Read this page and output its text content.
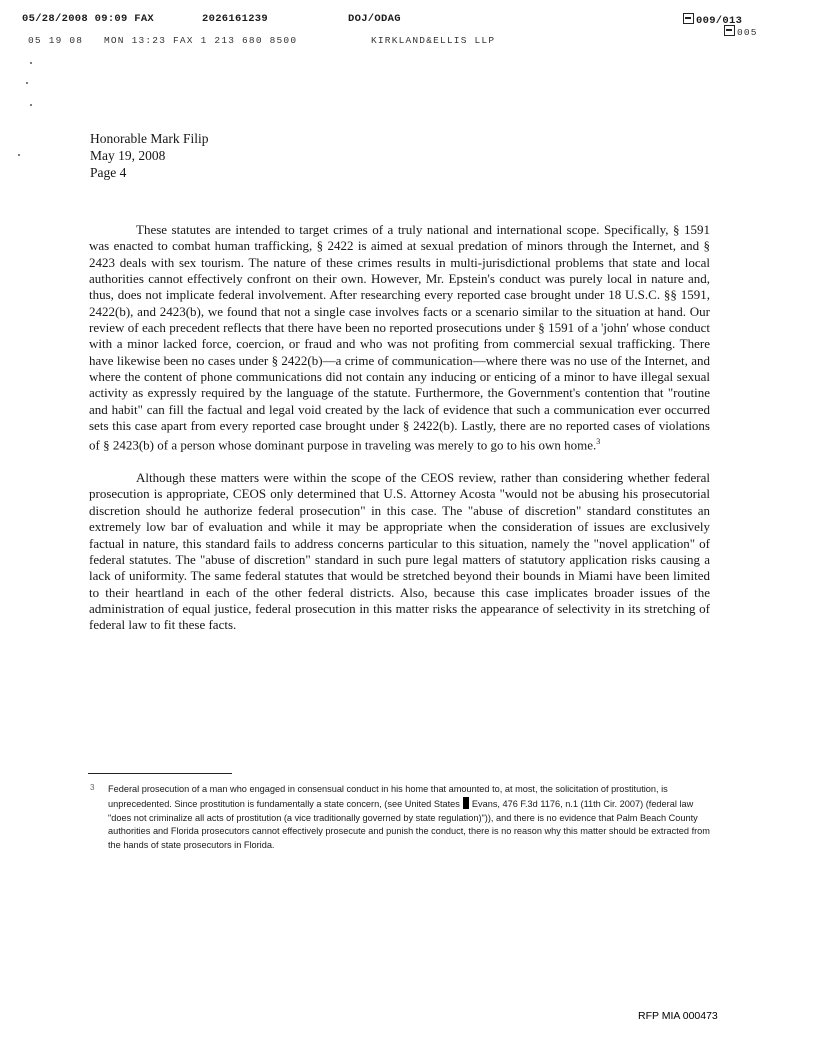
05/28/2008 09:09 FAX	2026161239	DOJ/ODAG	009/013
05 19 08 MON 13:23 FAX 1 213 680 8500	KIRKLAND&ELLIS LLP
005
Honorable Mark Filip
May 19, 2008
Page 4

These statutes are intended to target crimes of a truly national and international scope. Specifically, § 1591 was enacted to combat human trafficking, § 2422 is aimed at sexual predation of minors through the Internet, and § 2423 deals with sex tourism. The nature of these crimes results in multi-jurisdictional problems that state and local authorities cannot effectively confront on their own. However, Mr. Epstein's conduct was purely local in nature and, thus, does not implicate federal involvement. After researching every reported case brought under 18 U.S.C. §§ 1591, 2422(b), and 2423(b), we found that not a single case involves facts or a scenario similar to the situation at hand. Our review of each precedent reflects that there have been no reported prosecutions under § 1591 of a 'john' whose conduct with a minor lacked force, coercion, or fraud and who was not profiting from commercial sexual trafficking. There have likewise been no cases under § 2422(b)—a crime of communication—where there was no use of the Internet, and where the content of phone communications did not contain any inducing or enticing of a minor to have illegal sexual activity as expressly required by the language of the statute. Furthermore, the Government's contention that "routine and habit" can fill the factual and legal void created by the lack of evidence that such a communication ever occurred sets this case apart from every reported case brought under § 2422(b). Lastly, there are no reported cases of violations of § 2423(b) of a person whose dominant purpose in traveling was merely to go to his own home.$^3$

Although these matters were within the scope of the CEOS review, rather than considering whether federal prosecution is appropriate, CEOS only determined that U.S. Attorney Acosta "would not be abusing his prosecutorial discretion should he authorize federal prosecution" in this case. The "abuse of discretion" standard constitutes an extremely low bar of evaluation and while it may be appropriate when the consideration of issues are exclusively factual in nature, this standard fails to address concerns particular to this situation, namely the "novel application" of federal statutes. The "abuse of discretion" standard in such pure legal matters of statutory application risks causing a lack of uniformity. The same federal statutes that would be stretched beyond their bounds in Miami have been limited to their heartland in each of the other federal districts. Also, because this case implicates broader issues of the administration of equal justice, federal prosecution in this matter risks the appearance of selectivity in its stretching of federal law to fit these facts.

3 Federal prosecution of a man who engaged in consensual conduct in his home that amounted to, at most, the solicitation of prostitution, is unprecedented. Since prostitution is fundamentally a state concern, (see United States Evans, 476 F.3d 1176, n.1 (11th Cir. 2007) (federal law "does not criminalize all acts of prostitution (a vice traditionally governed by state regulation)")), and there is no evidence that Palm Beach County authorities and Florida prosecutors cannot effectively prosecute and punish the conduct, there is no reason why this matter should be extracted from the hands of state prosecutors in Florida.
RFP MIA 000473
